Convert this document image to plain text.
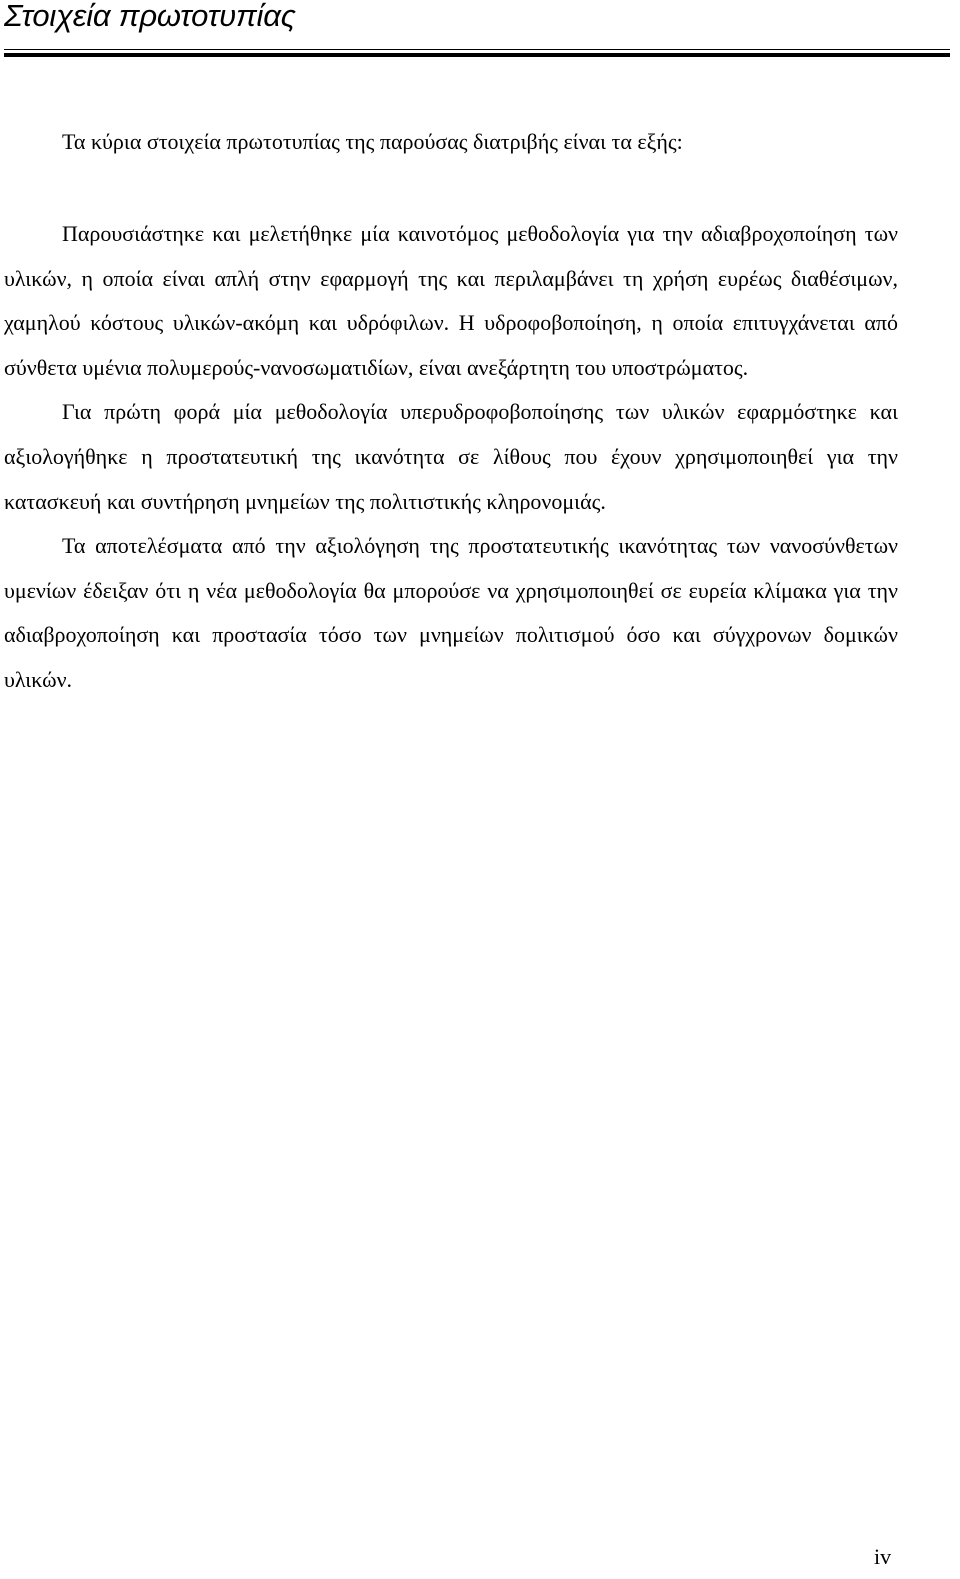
Στοιχεία πρωτοτυπίας

Τα κύρια στοιχεία πρωτοτυπίας της παρούσας διατριβής είναι τα εξής:

Παρουσιάστηκε και μελετήθηκε μία καινοτόμος μεθοδολογία για την αδιαβροχοποίηση των υλικών, η οποία είναι απλή στην εφαρμογή της και περιλαμβάνει τη χρήση ευρέως διαθέσιμων, χαμηλού κόστους υλικών-ακόμη και υδρόφιλων. Η υδροφοβοποίηση, η οποία επιτυγχάνεται από σύνθετα υμένια πολυμερούς-νανοσωματιδίων, είναι ανεξάρτητη του υποστρώματος.

Για πρώτη φορά μία μεθοδολογία υπερυδροφοβοποίησης των υλικών εφαρμόστηκε και αξιολογήθηκε η προστατευτική της ικανότητα σε λίθους που έχουν χρησιμοποιηθεί για την κατασκευή και συντήρηση μνημείων της πολιτιστικής κληρονομιάς.

Τα αποτελέσματα από την αξιολόγηση της προστατευτικής ικανότητας των νανοσύνθετων υμενίων έδειξαν ότι η νέα μεθοδολογία θα μπορούσε να χρησιμοποιηθεί σε ευρεία κλίμακα για την αδιαβροχοποίηση και προστασία τόσο των μνημείων πολιτισμού όσο και σύγχρονων δομικών υλικών.

iv
